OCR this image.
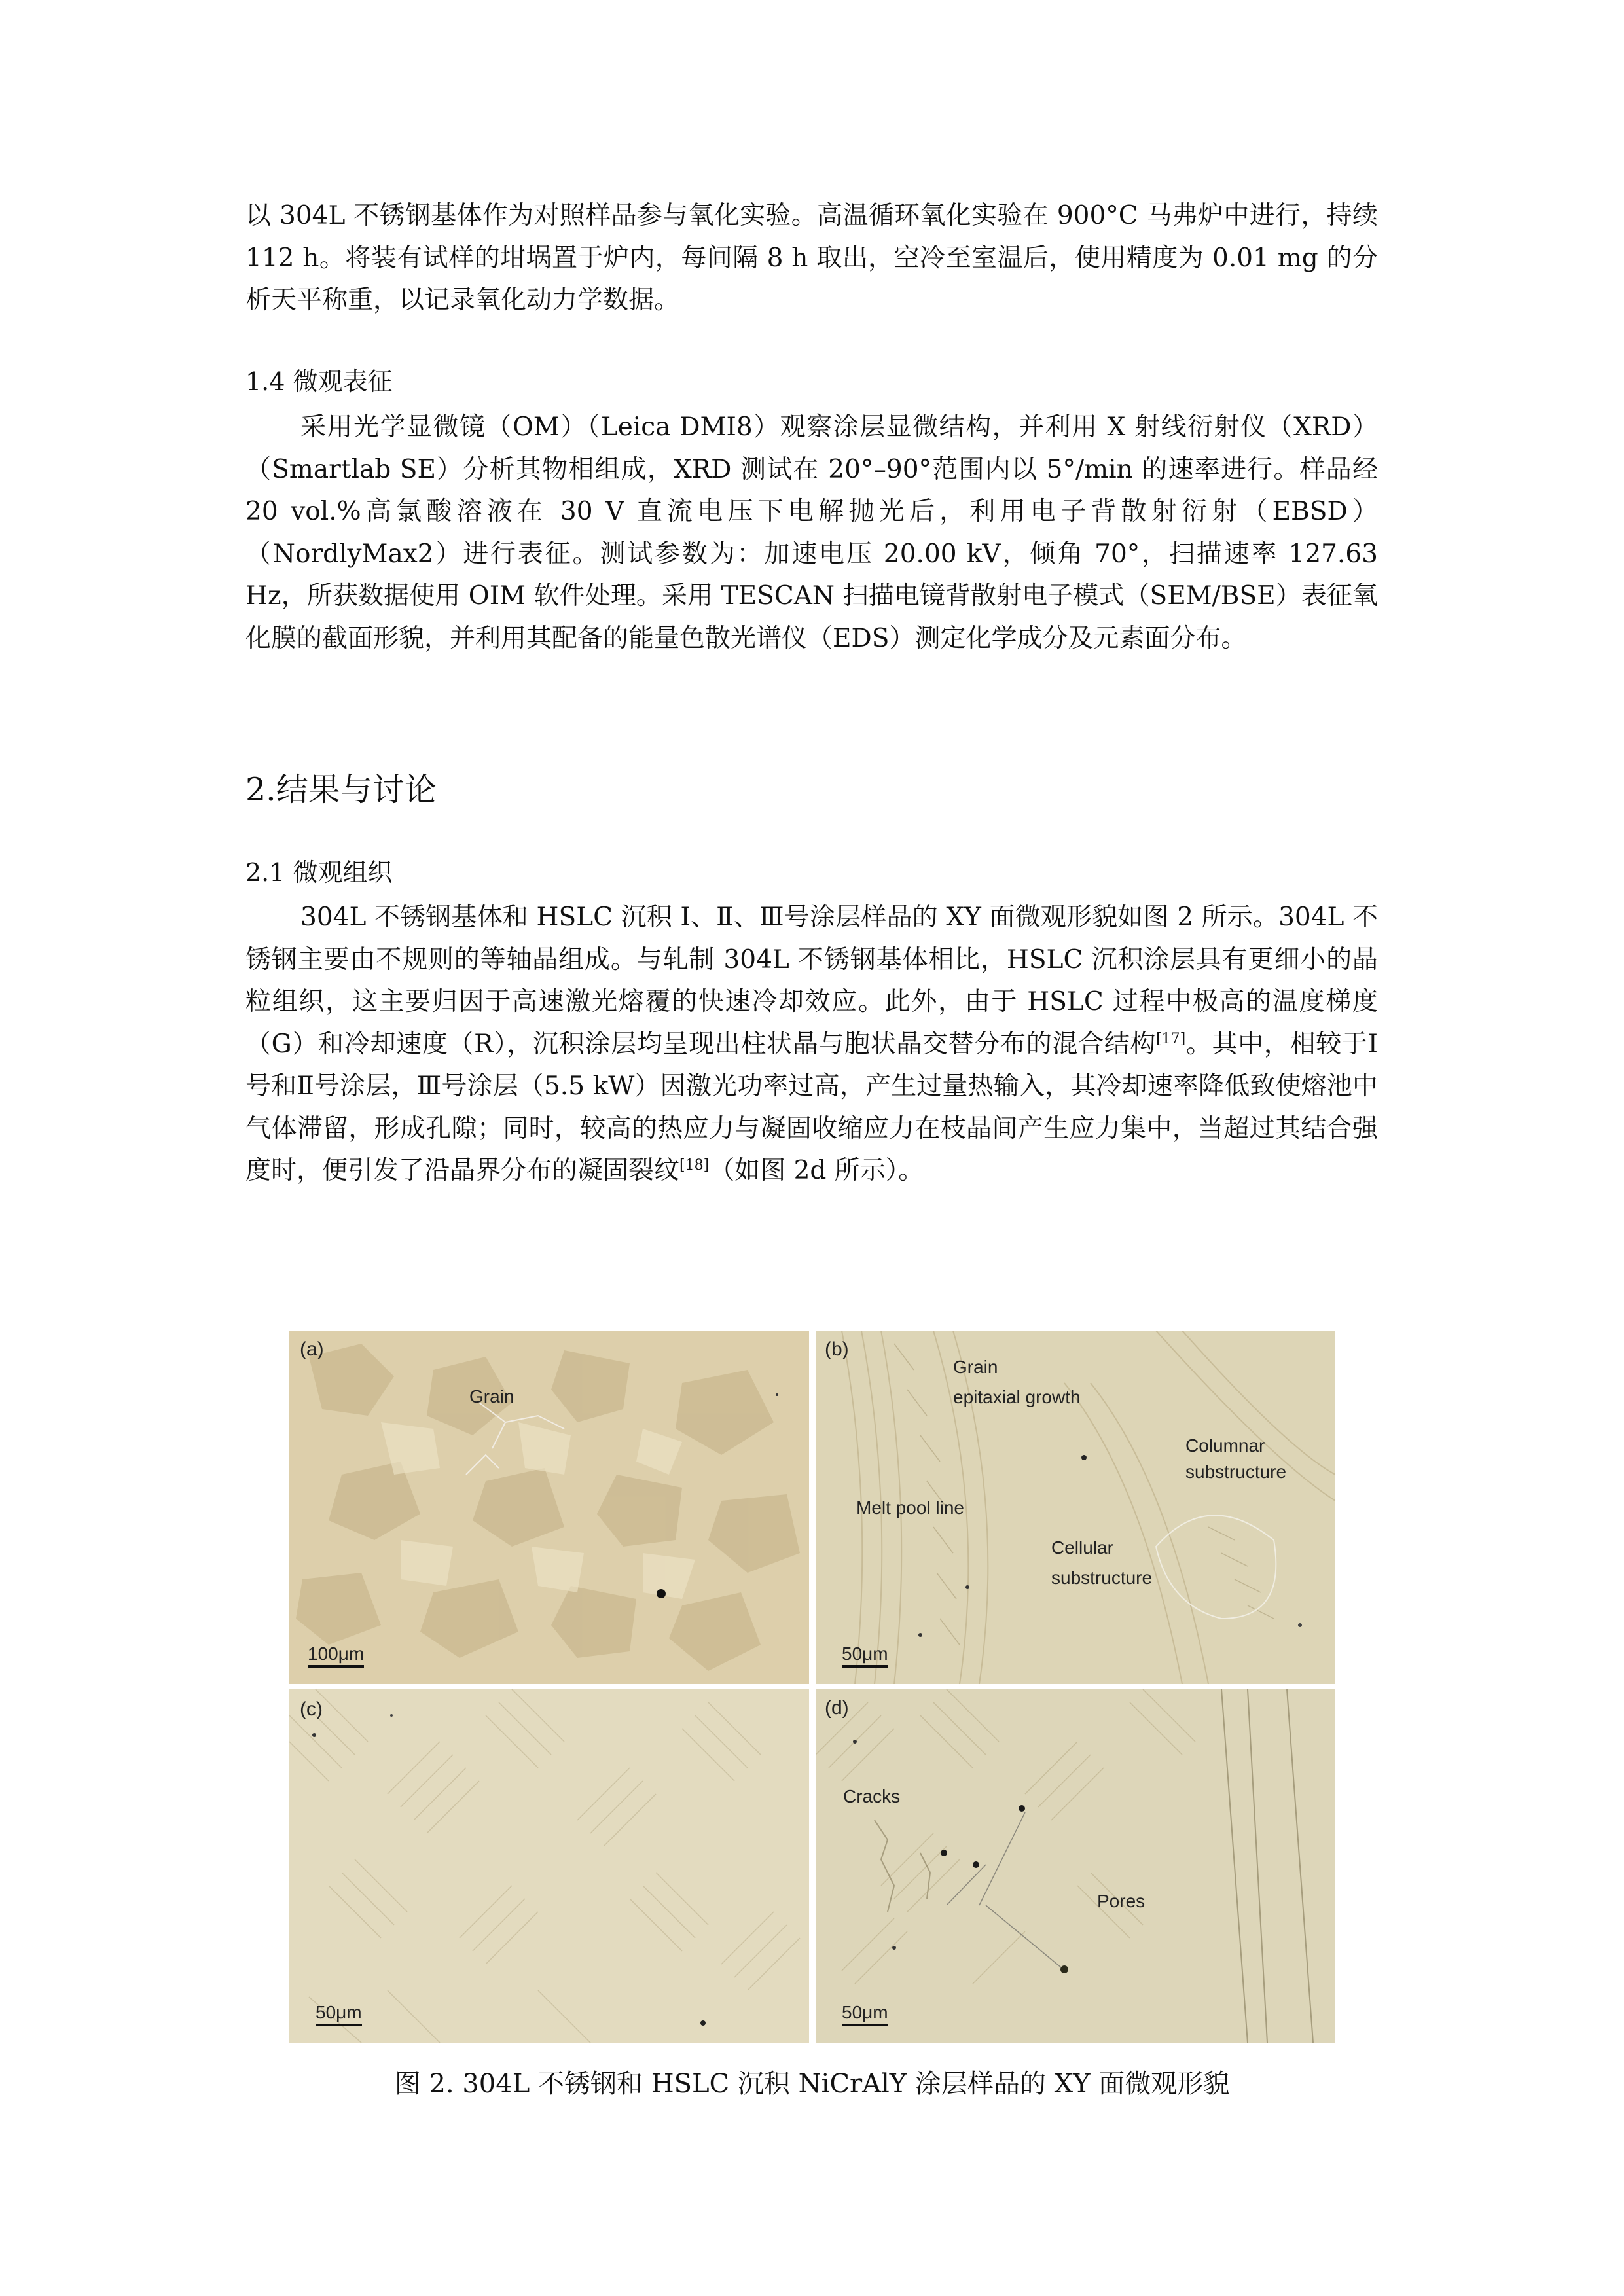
以 304L 不锈钢基体作为对照样品参与氧化实验。高温循环氧化实验在 900°C 马弗炉中进行，持续 112 h。将装有试样的坩埚置于炉内，每间隔 8 h 取出，空冷至室温后，使用精度为 0.01 mg 的分析天平称重，以记录氧化动力学数据。

1.4 微观表征

采用光学显微镜（OM）（Leica DMI8）观察涂层显微结构，并利用 X 射线衍射仪（XRD）（Smartlab SE）分析其物相组成，XRD 测试在 20°–90°范围内以 5°/min 的速率进行。样品经 20 vol.%高氯酸溶液在 30 V 直流电压下电解抛光后，利用电子背散射衍射（EBSD）（NordlyMax2）进行表征。测试参数为：加速电压 20.00 kV，倾角 70°，扫描速率 127.63 Hz，所获数据使用 OIM 软件处理。采用 TESCAN 扫描电镜背散射电子模式（SEM/BSE）表征氧化膜的截面形貌，并利用其配备的能量色散光谱仪（EDS）测定化学成分及元素面分布。

2.结果与讨论
2.1 微观组织

304L 不锈钢基体和 HSLC 沉积 Ⅰ、Ⅱ、Ⅲ号涂层样品的 XY 面微观形貌如图 2 所示。304L 不锈钢主要由不规则的等轴晶组成。与轧制 304L 不锈钢基体相比，HSLC 沉积涂层具有更细小的晶粒组织，这主要归因于高速激光熔覆的快速冷却效应。此外，由于 HSLC 过程中极高的温度梯度（G）和冷却速度（R），沉积涂层均呈现出柱状晶与胞状晶交替分布的混合结构[17]。其中，相较于Ⅰ号和Ⅱ号涂层，Ⅲ号涂层（5.5 kW）因激光功率过高，产生过量热输入，其冷却速率降低致使熔池中气体滞留，形成孔隙；同时，较高的热应力与凝固收缩应力在枝晶间产生应力集中，当超过其结合强度时，便引发了沿晶界分布的凝固裂纹[18]（如图 2d 所示）。

(a)
Grain
100μm
(b)
Grain
epitaxial growth
Columnar
substructure
Melt pool line
Cellular
substructure
50μm
(c)
50μm
(d)
Cracks
Pores
50μm
图 2. 304L 不锈钢和 HSLC 沉积 NiCrAlY 涂层样品的 XY 面微观形貌
